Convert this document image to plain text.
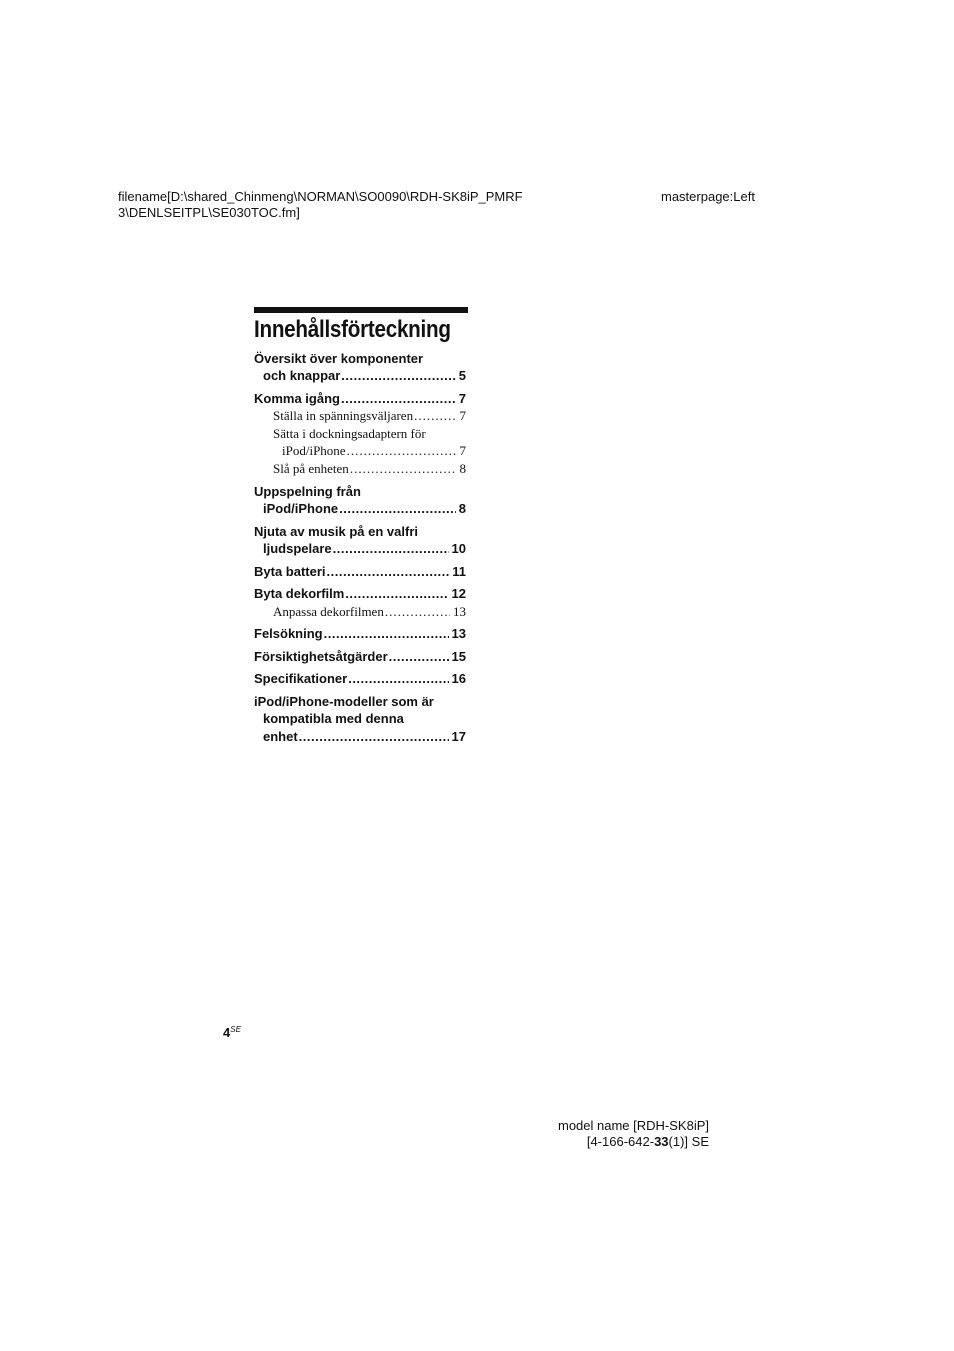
filename[D:\shared_Chinmeng\NORMAN\SO0090\RDH-SK8iP_PMRF
3\DENLSEITPL\SE030TOC.fm]
masterpage:Left
Innehållsförteckning
Översikt över komponenter
och knappar .....	5
Komma igång .....	7
Ställa in spänningsväljaren .....	7
Sätta i dockningsadaptern för
iPod/iPhone .....	7
Slå på enheten .....	8
Uppspelning från
iPod/iPhone .....	8
Njuta av musik på en valfri
ljudspelare .....	10
Byta batteri .....	11
Byta dekorfilm .....	12
Anpassa dekorfilmen .....	13
Felsökning .....	13
Försiktighetsåtgärder .....	15
Specifikationer .....	16
iPod/iPhone-modeller som är
kompatibla med denna
enhet .....	17
$4^{SE}$
model name [RDH-SK8iP]
[4-166-642-33(1)] SE
